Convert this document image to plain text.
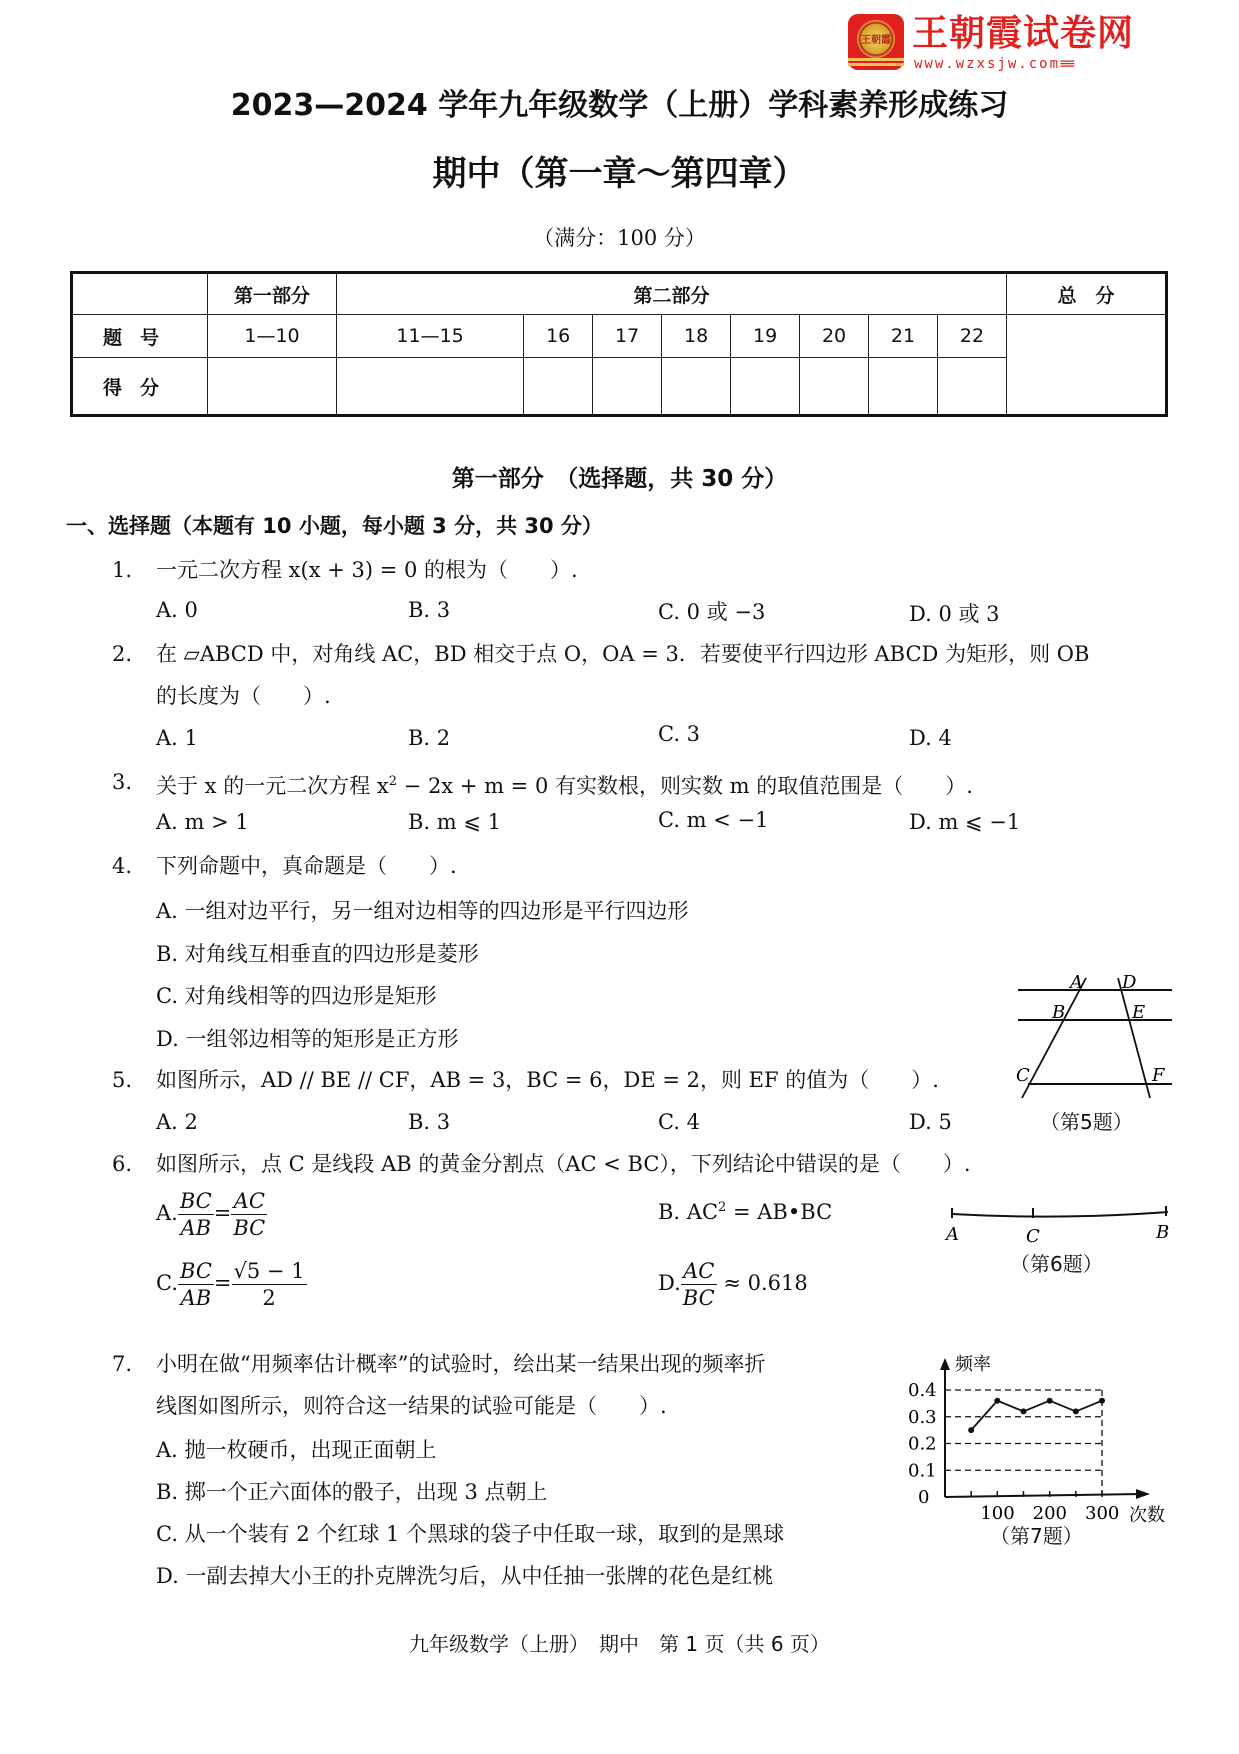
王朝霞 王朝霞试卷网
www.wzxsjw.com≡≡
2023—2024 学年九年级数学（上册）学科素养形成练习
期中（第一章～第四章）
（满分：100 分）
	第一部分	第二部分								总　分
题号	1—10	11—15	16	17	18	19	20	21	22	
得分										
第一部分　（选择题，共 30 分）
一、选择题（本题有 10 小题，每小题 3 分，共 30 分）
1. 一元二次方程 x(x + 3) = 0 的根为（　　）.
A. 0	B. 3	C. 0 或 −3	D. 0 或 3
2. 在 ▱ABCD 中，对角线 AC，BD 相交于点 O，OA = 3．若要使平行四边形 ABCD 为矩形，则 OB
的长度为（　　）.
A. 1	B. 2	C. 3	D. 4
3. 关于 x 的一元二次方程 $x^2 - 2x + m = 0$ 有实数根，则实数 m 的取值范围是（　　）.
A. m > 1	B. m ⩽ 1	C. m < −1	D. m ⩽ −1
4. 下列命题中，真命题是（　　）.
A. 一组对边平行，另一组对边相等的四边形是平行四边形
B. 对角线互相垂直的四边形是菱形
C. 对角线相等的四边形是矩形
D. 一组邻边相等的矩形是正方形
5. 如图所示，AD // BE // CF，AB = 3，BC = 6，DE = 2，则 EF 的值为（　　）.
A. 2	B. 3	C. 4	D. 5
A D
B	E
C	F
（第5题）
6. 如图所示，点 C 是线段 AB 的黄金分割点（AC < BC），下列结论中错误的是（　　）.
A. $\frac{BC}{AB} = \frac{AC}{BC}$	B. $AC^2$ = AB•BC
C. $\frac{BC}{AB} = \frac{√5 - 1}{2}$	D. $\frac{AC}{BC} \approx 0.618$
A	C	B
（第6题）
7. 小明在做“用频率估计概率”的试验时，绘出某一结果出现的频率折
线图如图所示，则符合这一结果的试验可能是（　　）.
A. 抛一枚硬币，出现正面朝上
B. 掷一个正六面体的骰子，出现 3 点朝上
C. 从一个装有 2 个红球 1 个黑球的袋子中任取一球，取到的是黑球
D. 一副去掉大小王的扑克牌洗匀后，从中任抽一张牌的花色是红桃
0
0.1
0.2
0.3
0.4
100 200 300 次数
频率
（第7题）
九年级数学（上册）　期中　第 1 页（共 6 页）
